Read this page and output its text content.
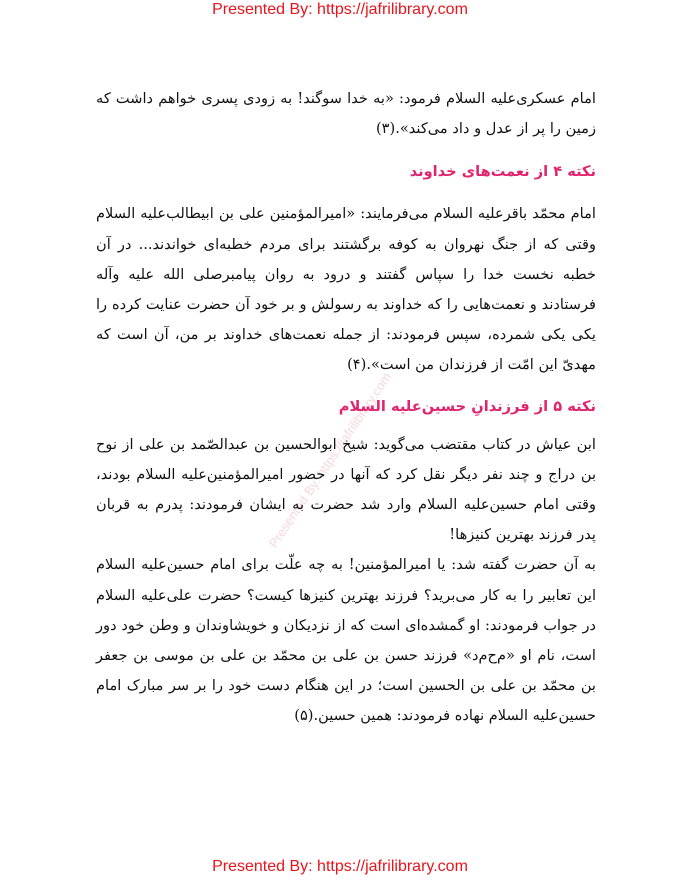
Presented By: https://jafrilibrary.com
Presented By: https://jafrilibrary.com

امام عسکری‌علیه السلام فرمود: «به خدا سوگند! به زودی پسری خواهم داشت که زمین را پر از عدل و داد می‌کند».(۳)

نکته ۴ از نعمت‌های خداوند

امام محمّد باقرعلیه السلام می‌فرمایند: «امیرالمؤمنین علی بن ابیطالب‌علیه السلام وقتی که از جنگ نهروان به کوفه برگشتند برای مردم خطبه‌ای خواندند... در آن خطبه نخست خدا را سپاس گفتند و درود به روان پیامبرصلی الله علیه وآله فرستادند و نعمت‌هایی را که خداوند به رسولش و بر خود آن حضرت عنایت کرده را یکی یکی شمرده، سپس فرمودند: از جمله نعمت‌های خداوند بر من، آن است که مهدیّ این امّت از فرزندان من است».(۴)

نکته ۵ از فرزندانِ حسین‌علیه السلام

ابن عیاش در کتاب مقتضب می‌گوید: شیخ ابوالحسین بن عبدالصّمد بن علی از نوح بن دراج و چند نفر دیگر نقل کرد که آنها در حضور امیرالمؤمنین‌علیه السلام بودند، وقتی امام حسین‌علیه السلام وارد شد حضرت به ایشان فرمودند: پدرم به قربان پدر فرزند بهترین کنیزها!

به آن حضرت گفته شد: یا امیرالمؤمنین! به چه علّت برای امام حسین‌علیه السلام این تعابیر را به کار می‌برید؟ فرزند بهترین کنیزها کیست؟ حضرت علی‌علیه السلام در جواب فرمودند: او گمشده‌ای است که از نزدیکان و خویشاوندان و وطن خود دور است، نام او «م‌ح‌م‌د» فرزند حسن بن علی بن محمّد بن علی بن موسی بن جعفر بن محمّد بن علی بن الحسین است؛ در این هنگام دست خود را بر سر مبارک امام حسین‌علیه السلام نهاده فرمودند: همین حسین.(۵)

Presented By: https://jafrilibrary.com
